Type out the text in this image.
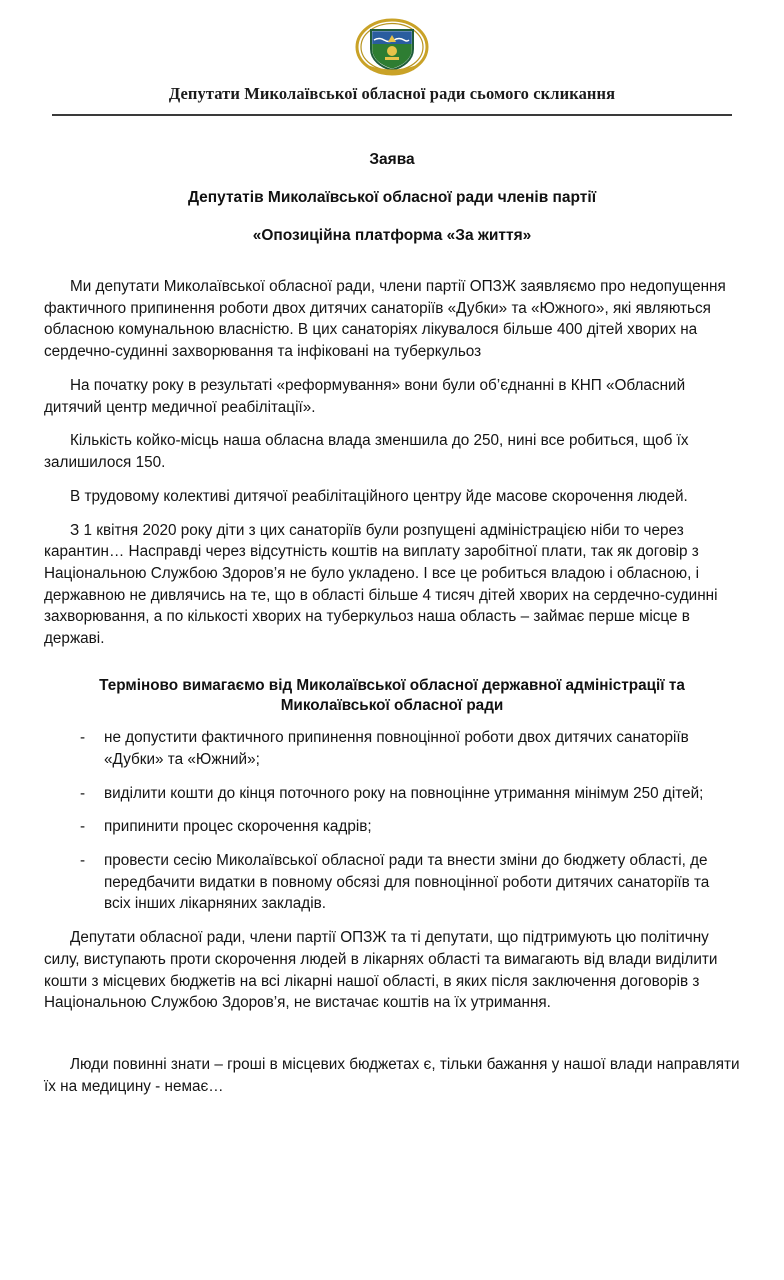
Депутати Миколаївської обласної ради сьомого скликання
Заява
Депутатів Миколаївської обласної ради членів партії
«Опозиційна платформа «За життя»

Ми депутати Миколаївської обласної ради, члени партії ОПЗЖ заявляємо про недопущення фактичного припинення роботи двох дитячих санаторіїв «Дубки» та «Южного», які являються обласною комунальною власністю. В цих санаторіях лікувалося більше 400 дітей хворих на сердечно-судинні захворювання та інфіковані на туберкульоз

На початку року в результаті «реформування» вони були об’єднанні в КНП «Обласний дитячий центр медичної реабілітації».

Кількість койко-місць наша обласна влада зменшила до 250, нині все робиться, щоб їх залишилося 150.

В трудовому колективі дитячої реабілітаційного центру йде масове скорочення людей.

З 1 квітня 2020 року діти з цих санаторіїв були розпущені адміністрацією ніби то через карантин… Насправді через відсутність коштів на виплату заробітної плати, так як договір з Національною Службою Здоров’я не було укладено. І все це робиться владою і обласною, і державною не дивлячись на те, що в області більше 4 тисяч дітей хворих на сердечно-судинні захворювання, а по кількості хворих на туберкульоз наша область – займає перше місце в державі.

Терміново вимагаємо від Миколаївської обласної державної адміністрації та Миколаївської обласної ради
- не допустити фактичного припинення повноцінної роботи двох дитячих санаторіїв «Дубки» та «Южний»;
- виділити кошти до кінця поточного року на повноцінне утримання мінімум 250 дітей;
- припинити процес скорочення кадрів;
- провести сесію Миколаївської обласної ради та внести зміни до бюджету області, де передбачити видатки в повному обсязі для повноцінної роботи дитячих санаторіїв та всіх інших лікарняних закладів.

Депутати обласної ради, члени партії ОПЗЖ та ті депутати, що підтримують цю політичну силу, виступають проти скорочення людей в лікарнях області та вимагають від влади виділити кошти з місцевих бюджетів на всі лікарні нашої області, в яких після заключення договорів з Національною Службою Здоров’я, не вистачає коштів на їх утримання.

Люди повинні знати – гроші в місцевих бюджетах є, тільки бажання у нашої влади направляти їх на медицину - немає…
